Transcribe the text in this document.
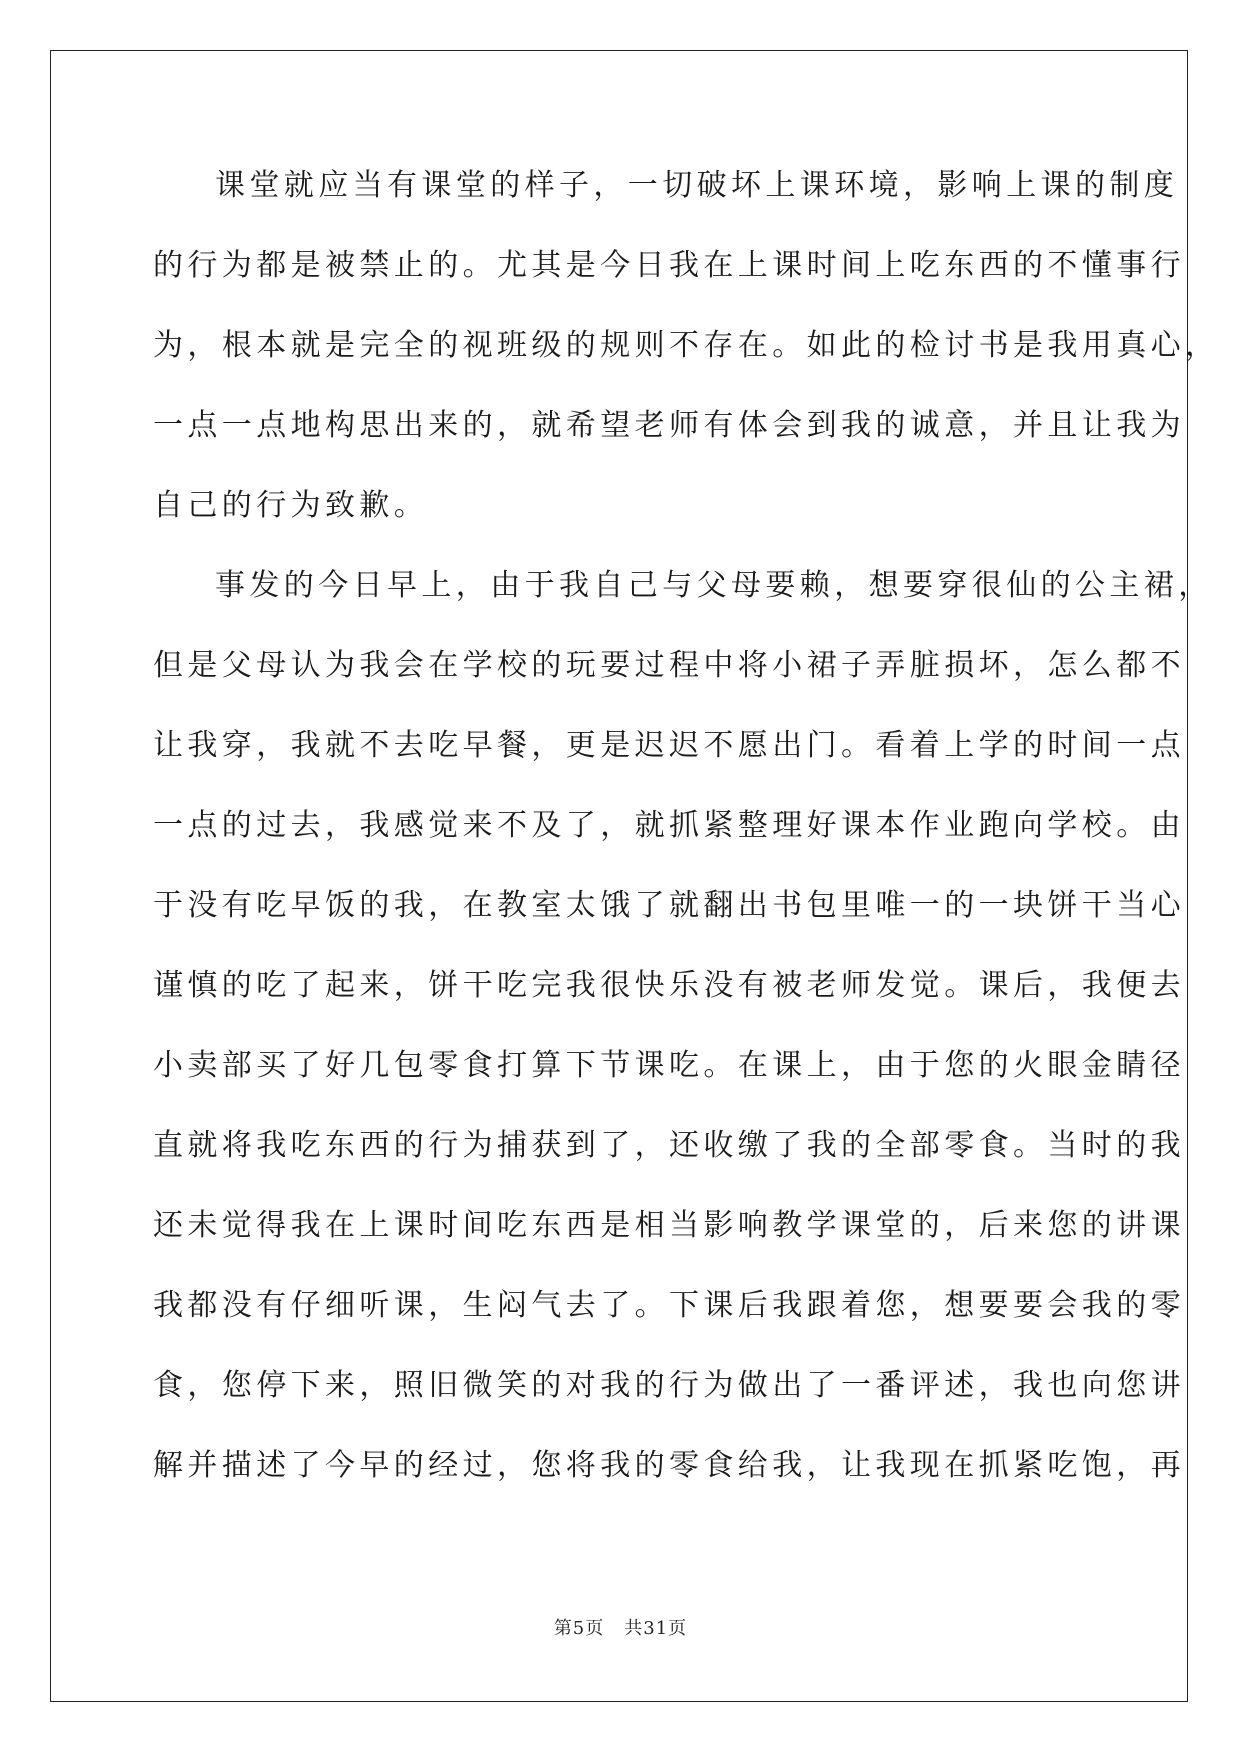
课堂就应当有课堂的样子，一切破坏上课环境，影响上课的制度
的行为都是被禁止的。尤其是今日我在上课时间上吃东西的不懂事行
为，根本就是完全的视班级的规则不存在。如此的检讨书是我用真心，
一点一点地构思出来的，就希望老师有体会到我的诚意，并且让我为
自己的行为致歉。
事发的今日早上，由于我自己与父母要赖，想要穿很仙的公主裙，
但是父母认为我会在学校的玩要过程中将小裙子弄脏损坏，怎么都不
让我穿，我就不去吃早餐，更是迟迟不愿出门。看着上学的时间一点
一点的过去，我感觉来不及了，就抓紧整理好课本作业跑向学校。由
于没有吃早饭的我，在教室太饿了就翻出书包里唯一的一块饼干当心
谨慎的吃了起来，饼干吃完我很快乐没有被老师发觉。课后，我便去
小卖部买了好几包零食打算下节课吃。在课上，由于您的火眼金睛径
直就将我吃东西的行为捕获到了，还收缴了我的全部零食。当时的我
还未觉得我在上课时间吃东西是相当影响教学课堂的，后来您的讲课
我都没有仔细听课，生闷气去了。下课后我跟着您，想要要会我的零
食，您停下来，照旧微笑的对我的行为做出了一番评述，我也向您讲
解并描述了今早的经过，您将我的零食给我，让我现在抓紧吃饱，再
第5页 共31页
